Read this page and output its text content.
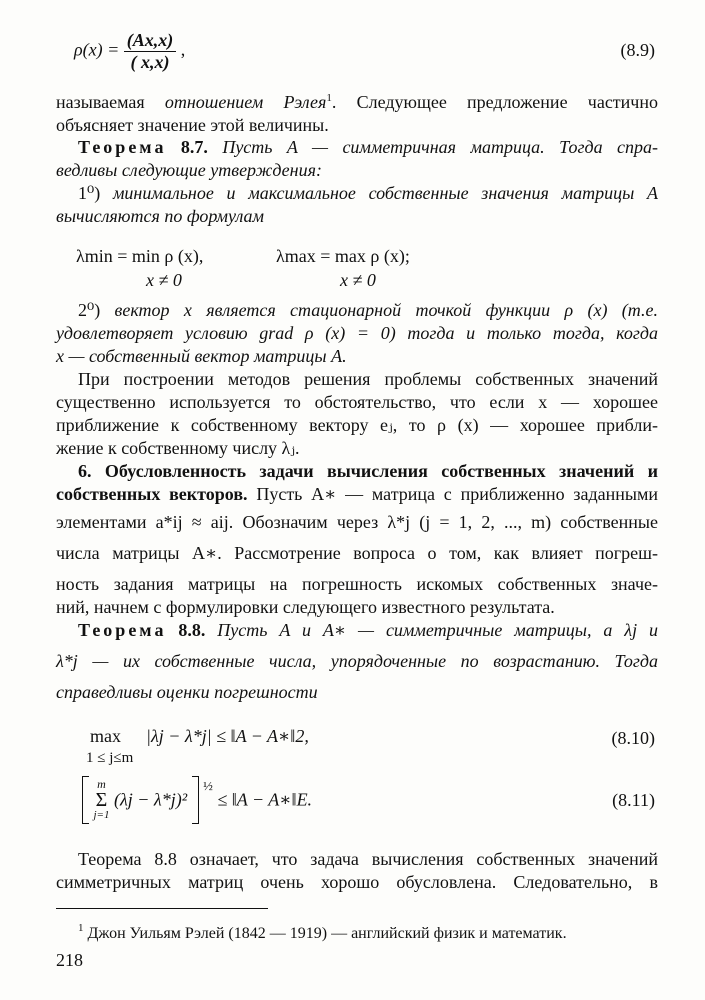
$\rho(x) = \frac{(Ax,x)}{( x,x)}$ ,	(8.9)
называемая отношением Рэлея$^1$. Следующее предложение частично
объясняет значение этой величины.
Теорема 8.7. Пусть A — симметричная матрица. Тогда спра-
ведливы следующие утверждения:
1⁰) минимальное и максимальное собственные значения матрицы A
вычисляются по формулам
λmin = min ρ (x),	λmax = max ρ (x);
x ≠ 0	x ≠ 0
2⁰) вектор x является стационарной точкой функции ρ (x) (т.е.
удовлетворяет условию grad ρ (x) = 0) тогда и только тогда, когда
x — собственный вектор матрицы A.
При построении методов решения проблемы собственных значений
существенно используется то обстоятельство, что если x — хорошее
приближение к собственному вектору eⱼ, то ρ (x) — хорошее прибли-
жение к собственному числу λⱼ.
6. Обусловленность задачи вычисления собственных значений и
собственных векторов. Пусть A∗ — матрица с приближенно заданными
элементами a*ij ≈ aij. Обозначим через λ*j (j = 1, 2, ..., m) собственные
числа матрицы A∗. Рассмотрение вопроса о том, как влияет погреш-
ность задания матрицы на погрешность искомых собственных значе-
ний, начнем с формулировки следующего известного результата.
Теорема 8.8. Пусть A и A∗ — симметричные матрицы, а λj и
λ*j — их собственные числа, упорядоченные по возрастанию. Тогда
справедливы оценки погрешности
max |λj − λ*j| ≤ ‖A − A∗‖2,
1 ≤ j≤m
(8.10)

m
Σ
j=1
(λj − λ*j)²  $^{\frac{1}{2}}$ ≤ ‖A − A∗‖E.	(8.11)
Теорема 8.8 означает, что задача вычисления собственных значений
симметричных матриц очень хорошо обусловлена. Следовательно, в
$^1$ Джон Уильям Рэлей (1842 — 1919) — английский физик и математик.
218
